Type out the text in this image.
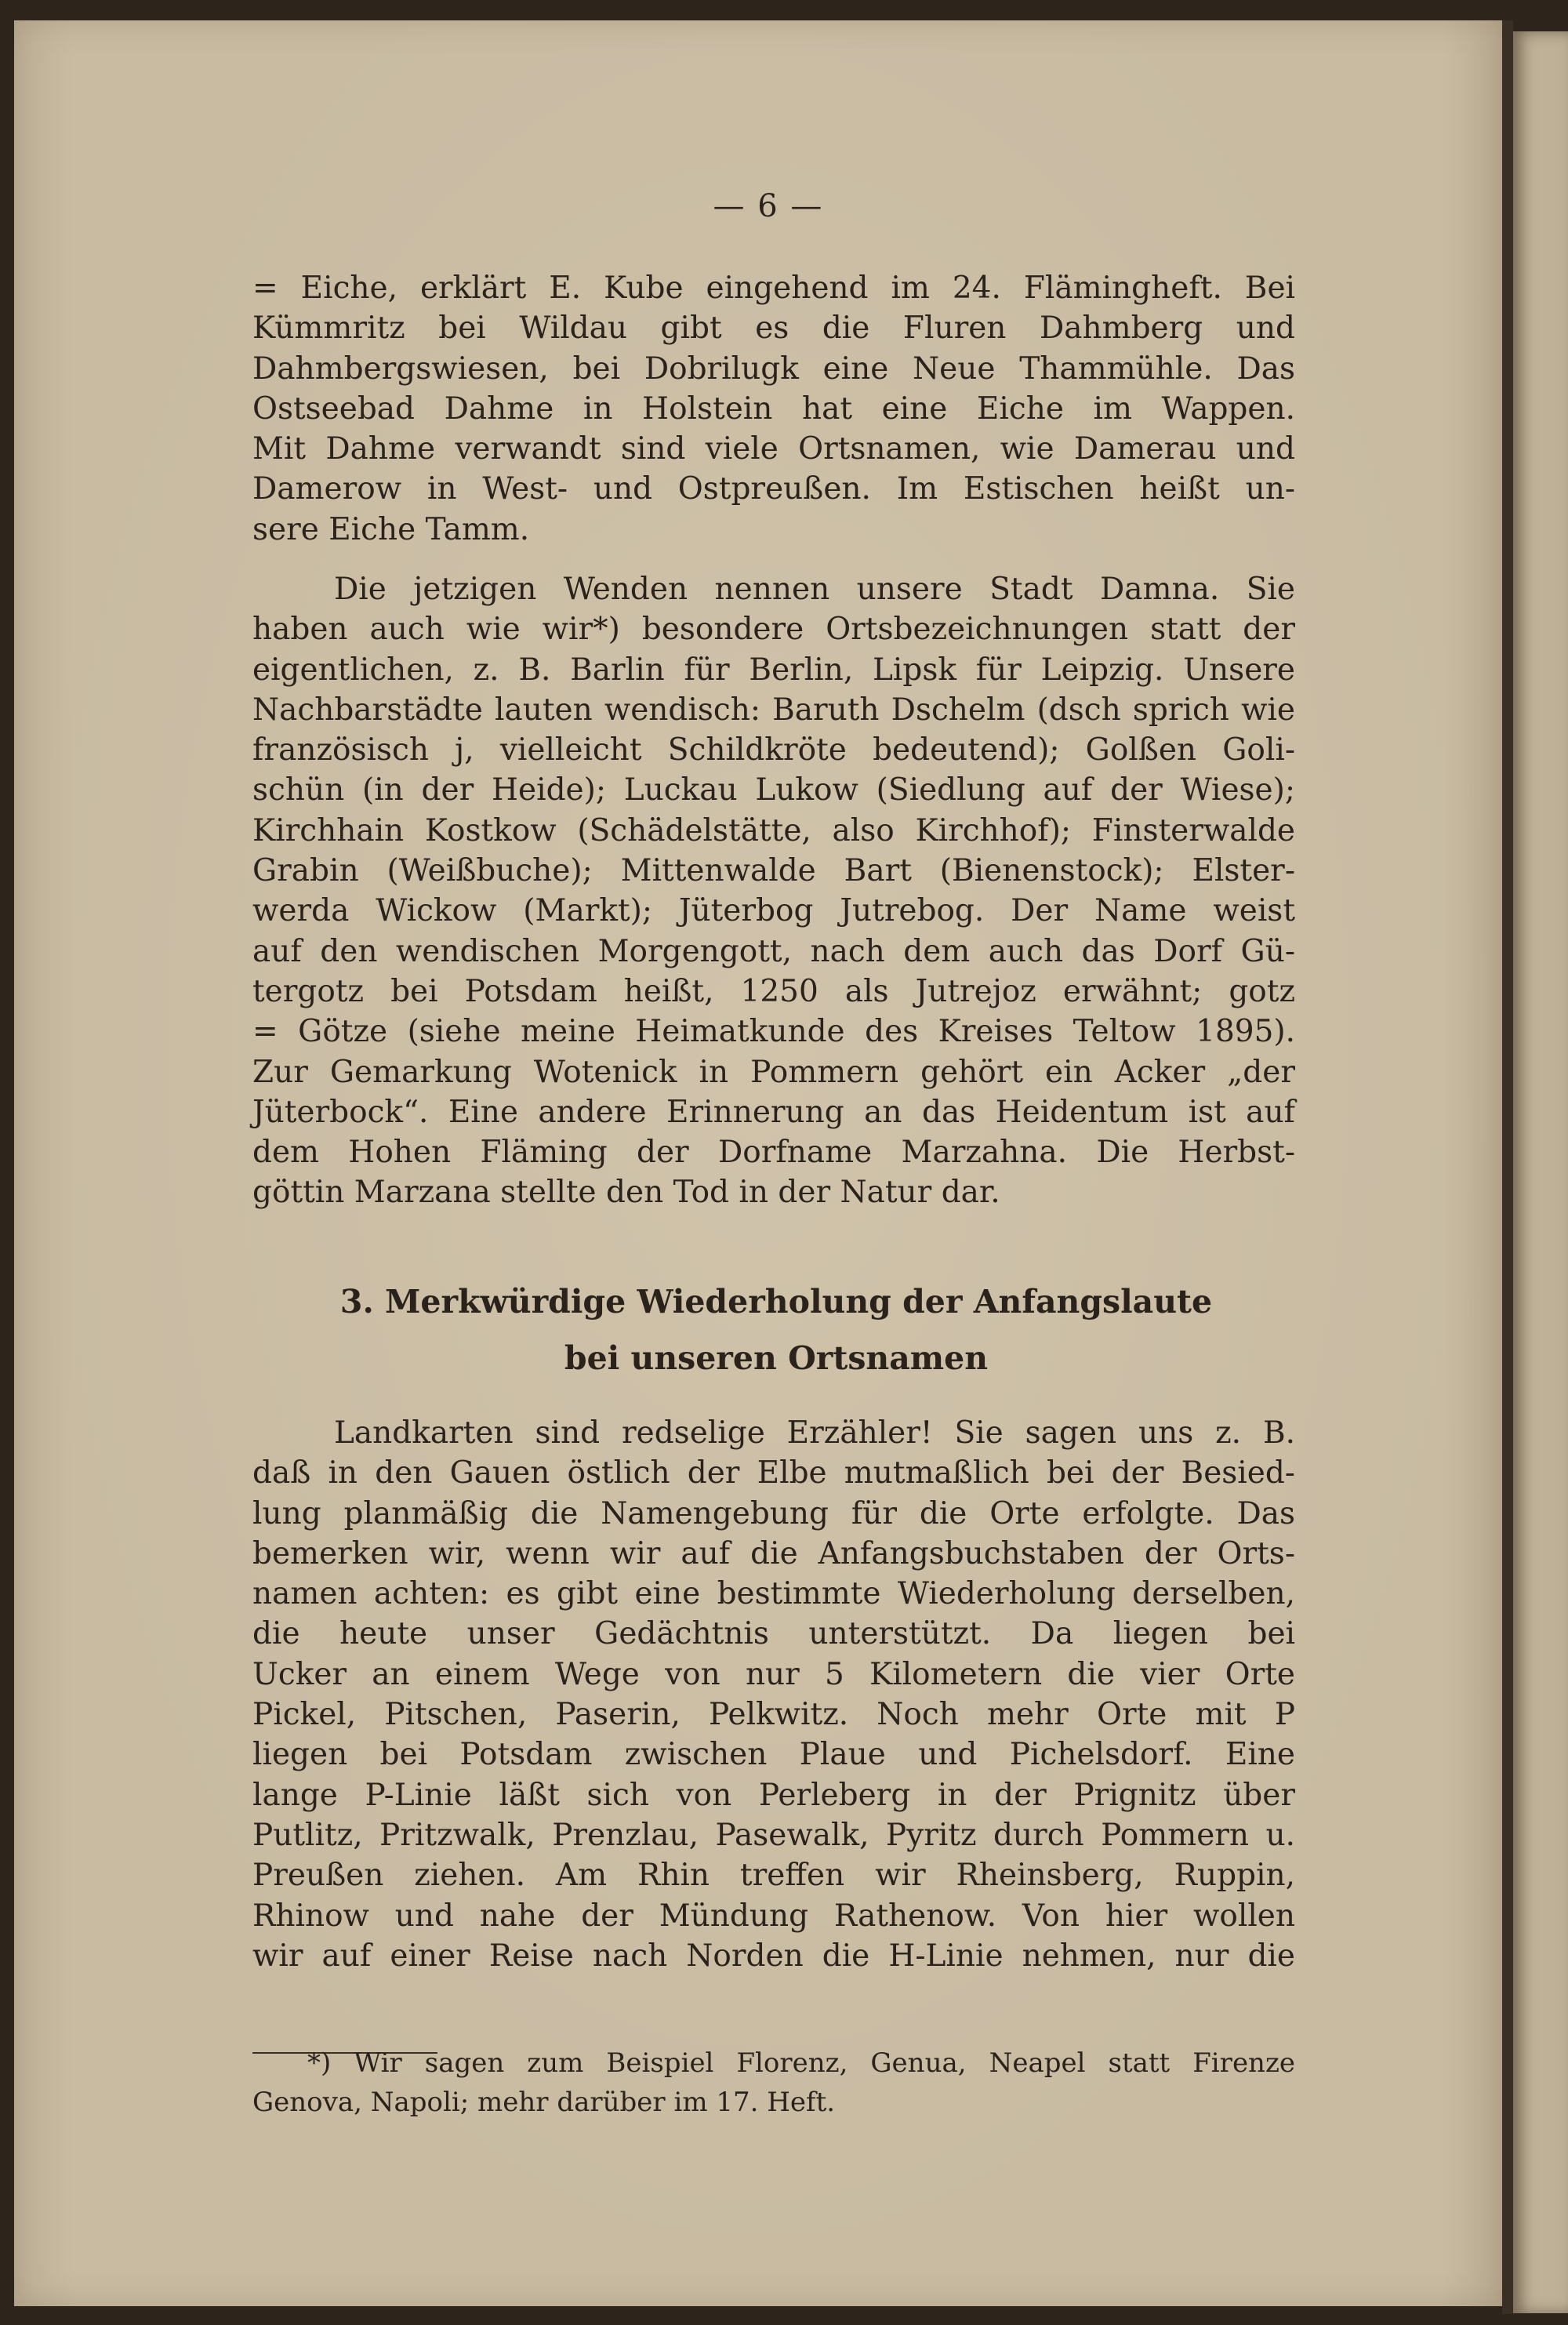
— 6 —
= Eiche, erklärt E. Kube eingehend im 24. Flämingheft. Bei
Kümmritz bei Wildau gibt es die Fluren Dahmberg und
Dahmbergswiesen, bei Dobrilugk eine Neue Thammühle. Das
Ostseebad Dahme in Holstein hat eine Eiche im Wappen.
Mit Dahme verwandt sind viele Ortsnamen, wie Damerau und
Damerow in West- und Ostpreußen. Im Estischen heißt un-
sere Eiche Tamm.
Die jetzigen Wenden nennen unsere Stadt Damna. Sie
haben auch wie wir*) besondere Ortsbezeichnungen statt der
eigentlichen, z. B. Barlin für Berlin, Lipsk für Leipzig. Unsere
Nachbarstädte lauten wendisch: Baruth Dschelm (dsch sprich wie
französisch j, vielleicht Schildkröte bedeutend); Golßen Goli-
schün (in der Heide); Luckau Lukow (Siedlung auf der Wiese);
Kirchhain Kostkow (Schädelstätte, also Kirchhof); Finsterwalde
Grabin (Weißbuche); Mittenwalde Bart (Bienenstock); Elster-
werda Wickow (Markt); Jüterbog Jutrebog. Der Name weist
auf den wendischen Morgengott, nach dem auch das Dorf Gü-
tergotz bei Potsdam heißt, 1250 als Jutrejoz erwähnt; gotz
= Götze (siehe meine Heimatkunde des Kreises Teltow 1895).
Zur Gemarkung Wotenick in Pommern gehört ein Acker „der
Jüterbock“. Eine andere Erinnerung an das Heidentum ist auf
dem Hohen Fläming der Dorfname Marzahna. Die Herbst-
göttin Marzana stellte den Tod in der Natur dar.
3. Merkwürdige Wiederholung der Anfangslaute
bei unseren Ortsnamen
Landkarten sind redselige Erzähler! Sie sagen uns z. B.
daß in den Gauen östlich der Elbe mutmaßlich bei der Besied-
lung planmäßig die Namengebung für die Orte erfolgte. Das
bemerken wir, wenn wir auf die Anfangsbuchstaben der Orts-
namen achten: es gibt eine bestimmte Wiederholung derselben,
die heute unser Gedächtnis unterstützt. Da liegen bei
Ucker an einem Wege von nur 5 Kilometern die vier Orte
Pickel, Pitschen, Paserin, Pelkwitz. Noch mehr Orte mit P
liegen bei Potsdam zwischen Plaue und Pichelsdorf. Eine
lange P-Linie läßt sich von Perleberg in der Prignitz über
Putlitz, Pritzwalk, Prenzlau, Pasewalk, Pyritz durch Pommern u.
Preußen ziehen. Am Rhin treffen wir Rheinsberg, Ruppin,
Rhinow und nahe der Mündung Rathenow. Von hier wollen
wir auf einer Reise nach Norden die H-Linie nehmen, nur die
*) Wir sagen zum Beispiel Florenz, Genua, Neapel statt Firenze
Genova, Napoli; mehr darüber im 17. Heft.
